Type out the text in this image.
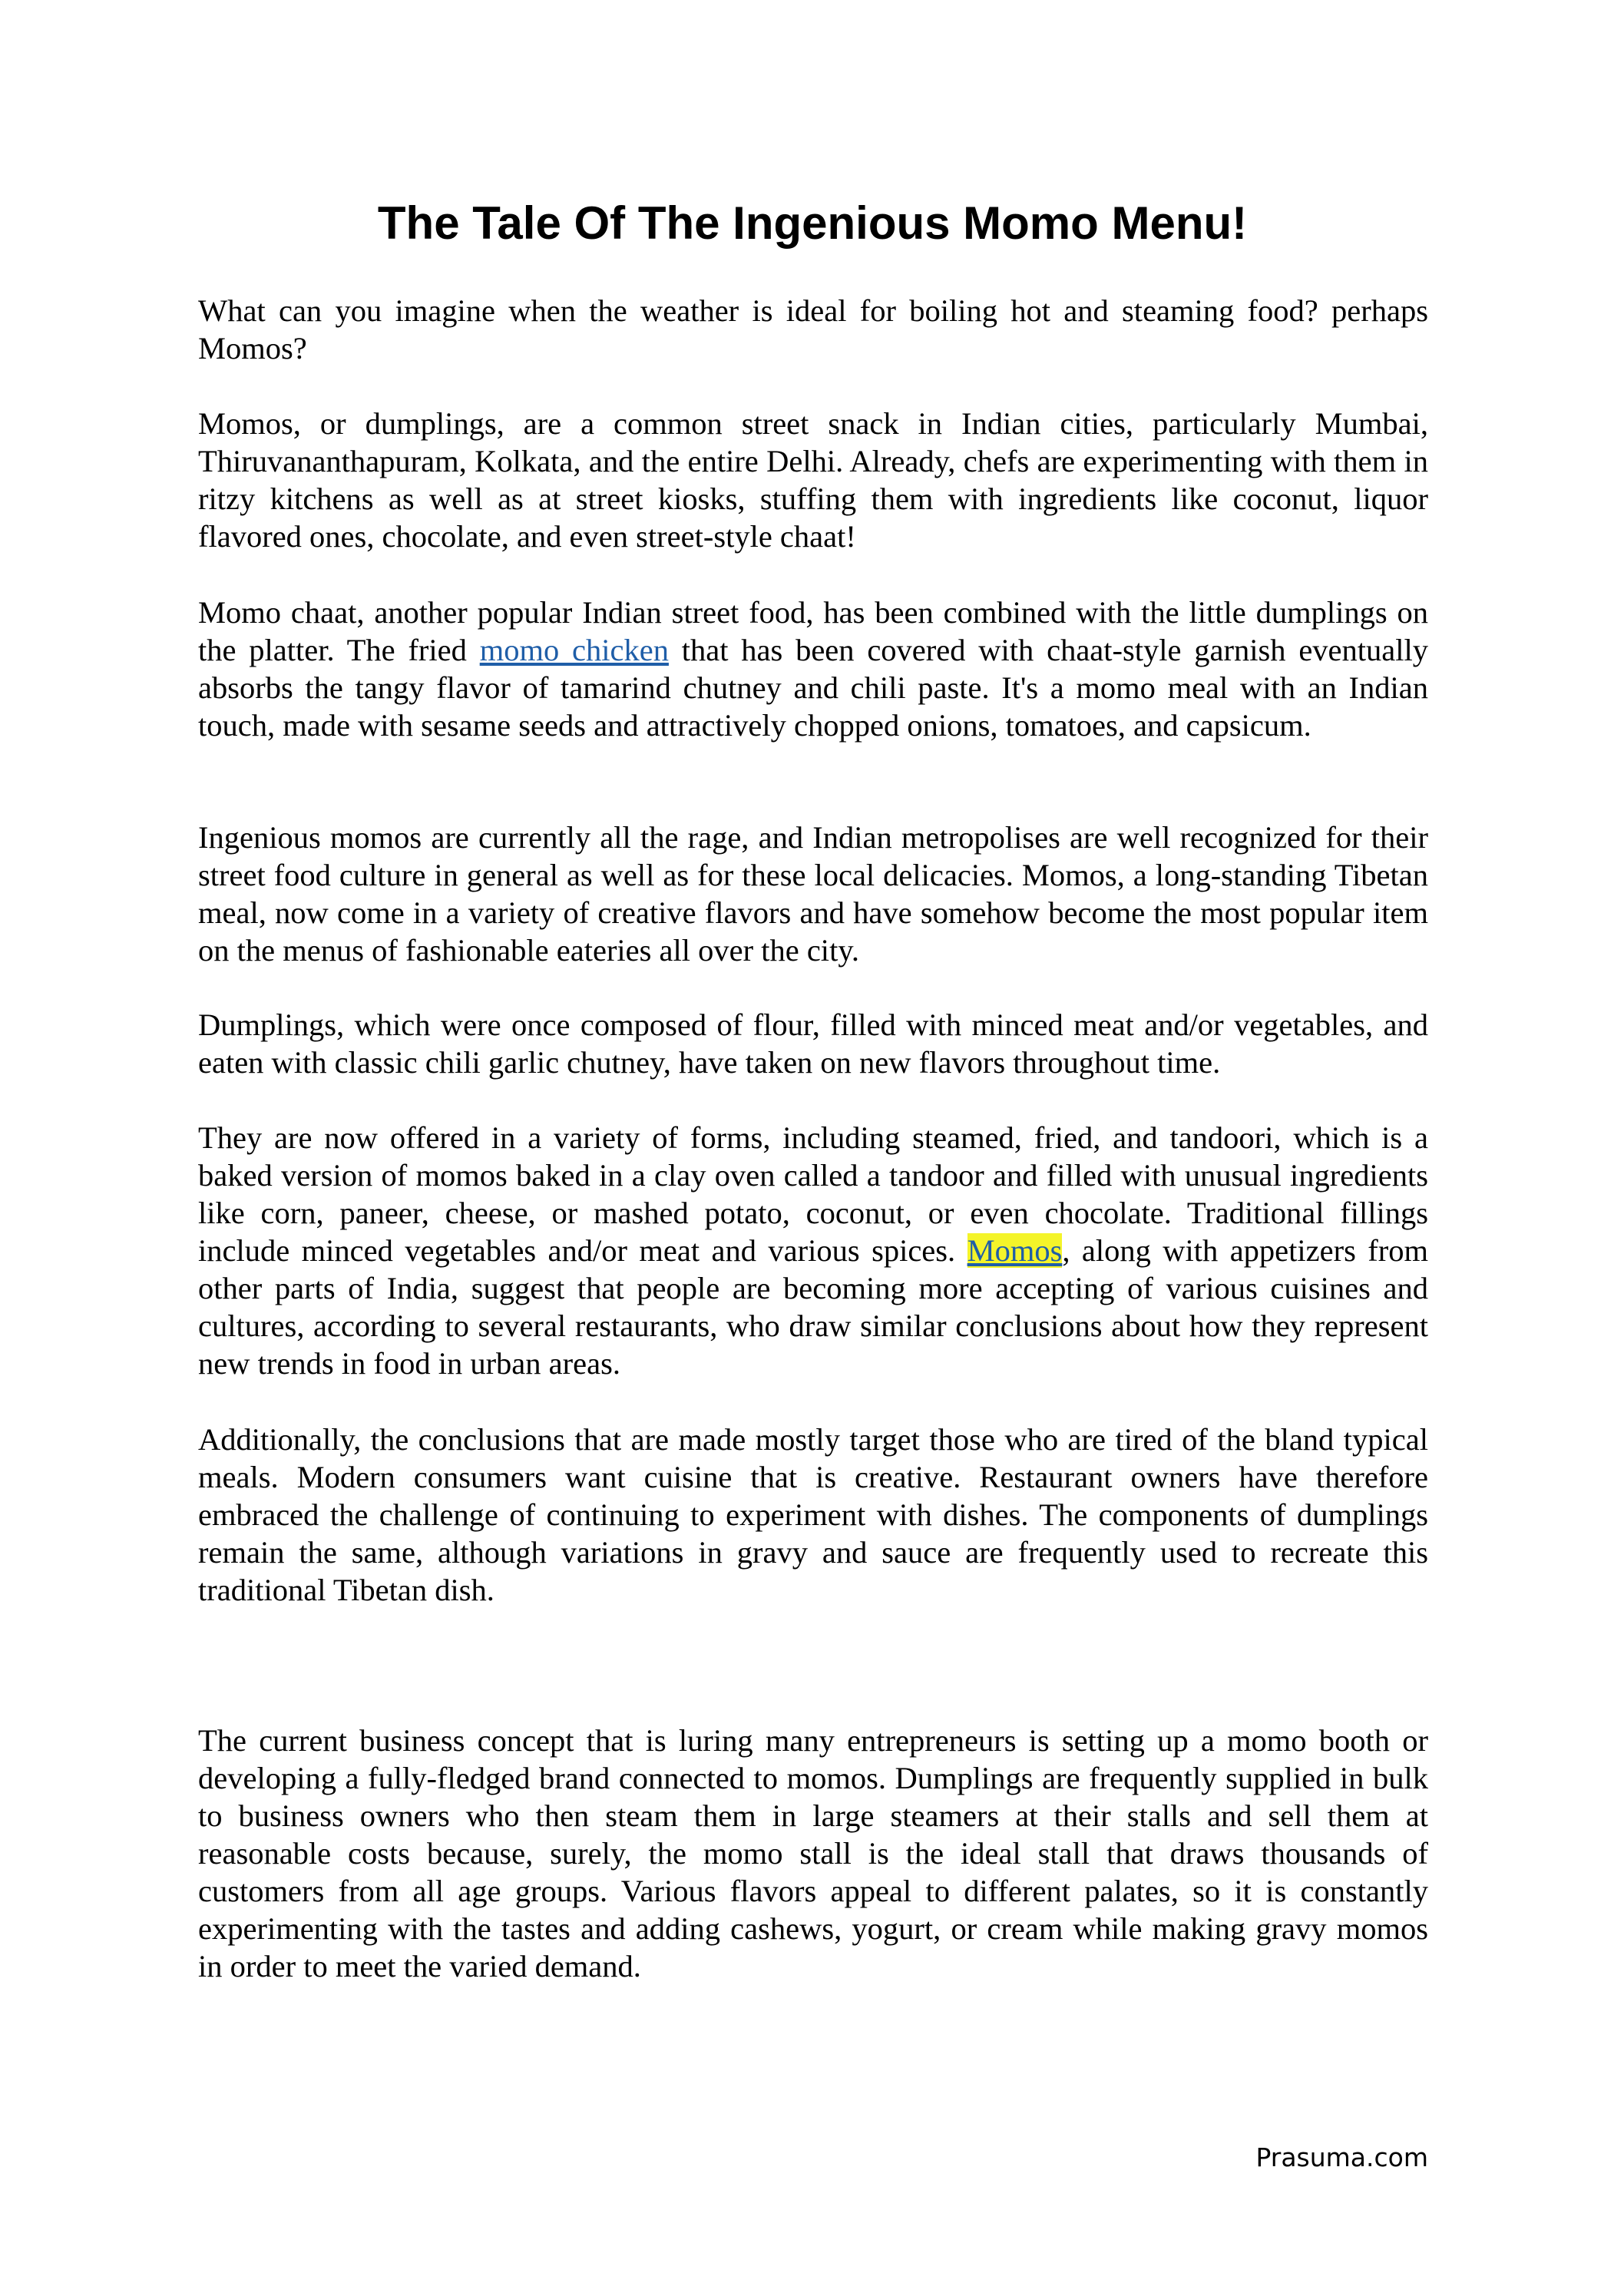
The Tale Of The Ingenious Momo Menu!

What can you imagine when the weather is ideal for boiling hot and steaming food? perhaps Momos?

Momos, or dumplings, are a common street snack in Indian cities, particularly Mumbai, Thiruvananthapuram, Kolkata, and the entire Delhi. Already, chefs are experimenting with them in ritzy kitchens as well as at street kiosks, stuffing them with ingredients like coconut, liquor flavored ones, chocolate, and even street-style chaat!

Momo chaat, another popular Indian street food, has been combined with the little dumplings on the platter. The fried momo chicken that has been covered with chaat-style garnish eventually absorbs the tangy flavor of tamarind chutney and chili paste. It's a momo meal with an Indian touch, made with sesame seeds and attractively chopped onions, tomatoes, and capsicum.

Ingenious momos are currently all the rage, and Indian metropolises are well recognized for their street food culture in general as well as for these local delicacies. Momos, a long-standing Tibetan meal, now come in a variety of creative flavors and have somehow become the most popular item on the menus of fashionable eateries all over the city.

Dumplings, which were once composed of flour, filled with minced meat and/or vegetables, and eaten with classic chili garlic chutney, have taken on new flavors throughout time.

They are now offered in a variety of forms, including steamed, fried, and tandoori, which is a baked version of momos baked in a clay oven called a tandoor and filled with unusual ingredients like corn, paneer, cheese, or mashed potato, coconut, or even chocolate. Traditional fillings include minced vegetables and/or meat and various spices. Momos, along with appetizers from other parts of India, suggest that people are becoming more accepting of various cuisines and cultures, according to several restaurants, who draw similar conclusions about how they represent new trends in food in urban areas.

Additionally, the conclusions that are made mostly target those who are tired of the bland typical meals. Modern consumers want cuisine that is creative. Restaurant owners have therefore embraced the challenge of continuing to experiment with dishes. The components of dumplings remain the same, although variations in gravy and sauce are frequently used to recreate this traditional Tibetan dish.

The current business concept that is luring many entrepreneurs is setting up a momo booth or developing a fully-fledged brand connected to momos. Dumplings are frequently supplied in bulk to business owners who then steam them in large steamers at their stalls and sell them at reasonable costs because, surely, the momo stall is the ideal stall that draws thousands of customers from all age groups. Various flavors appeal to different palates, so it is constantly experimenting with the tastes and adding cashews, yogurt, or cream while making gravy momos in order to meet the varied demand.

Prasuma.com
